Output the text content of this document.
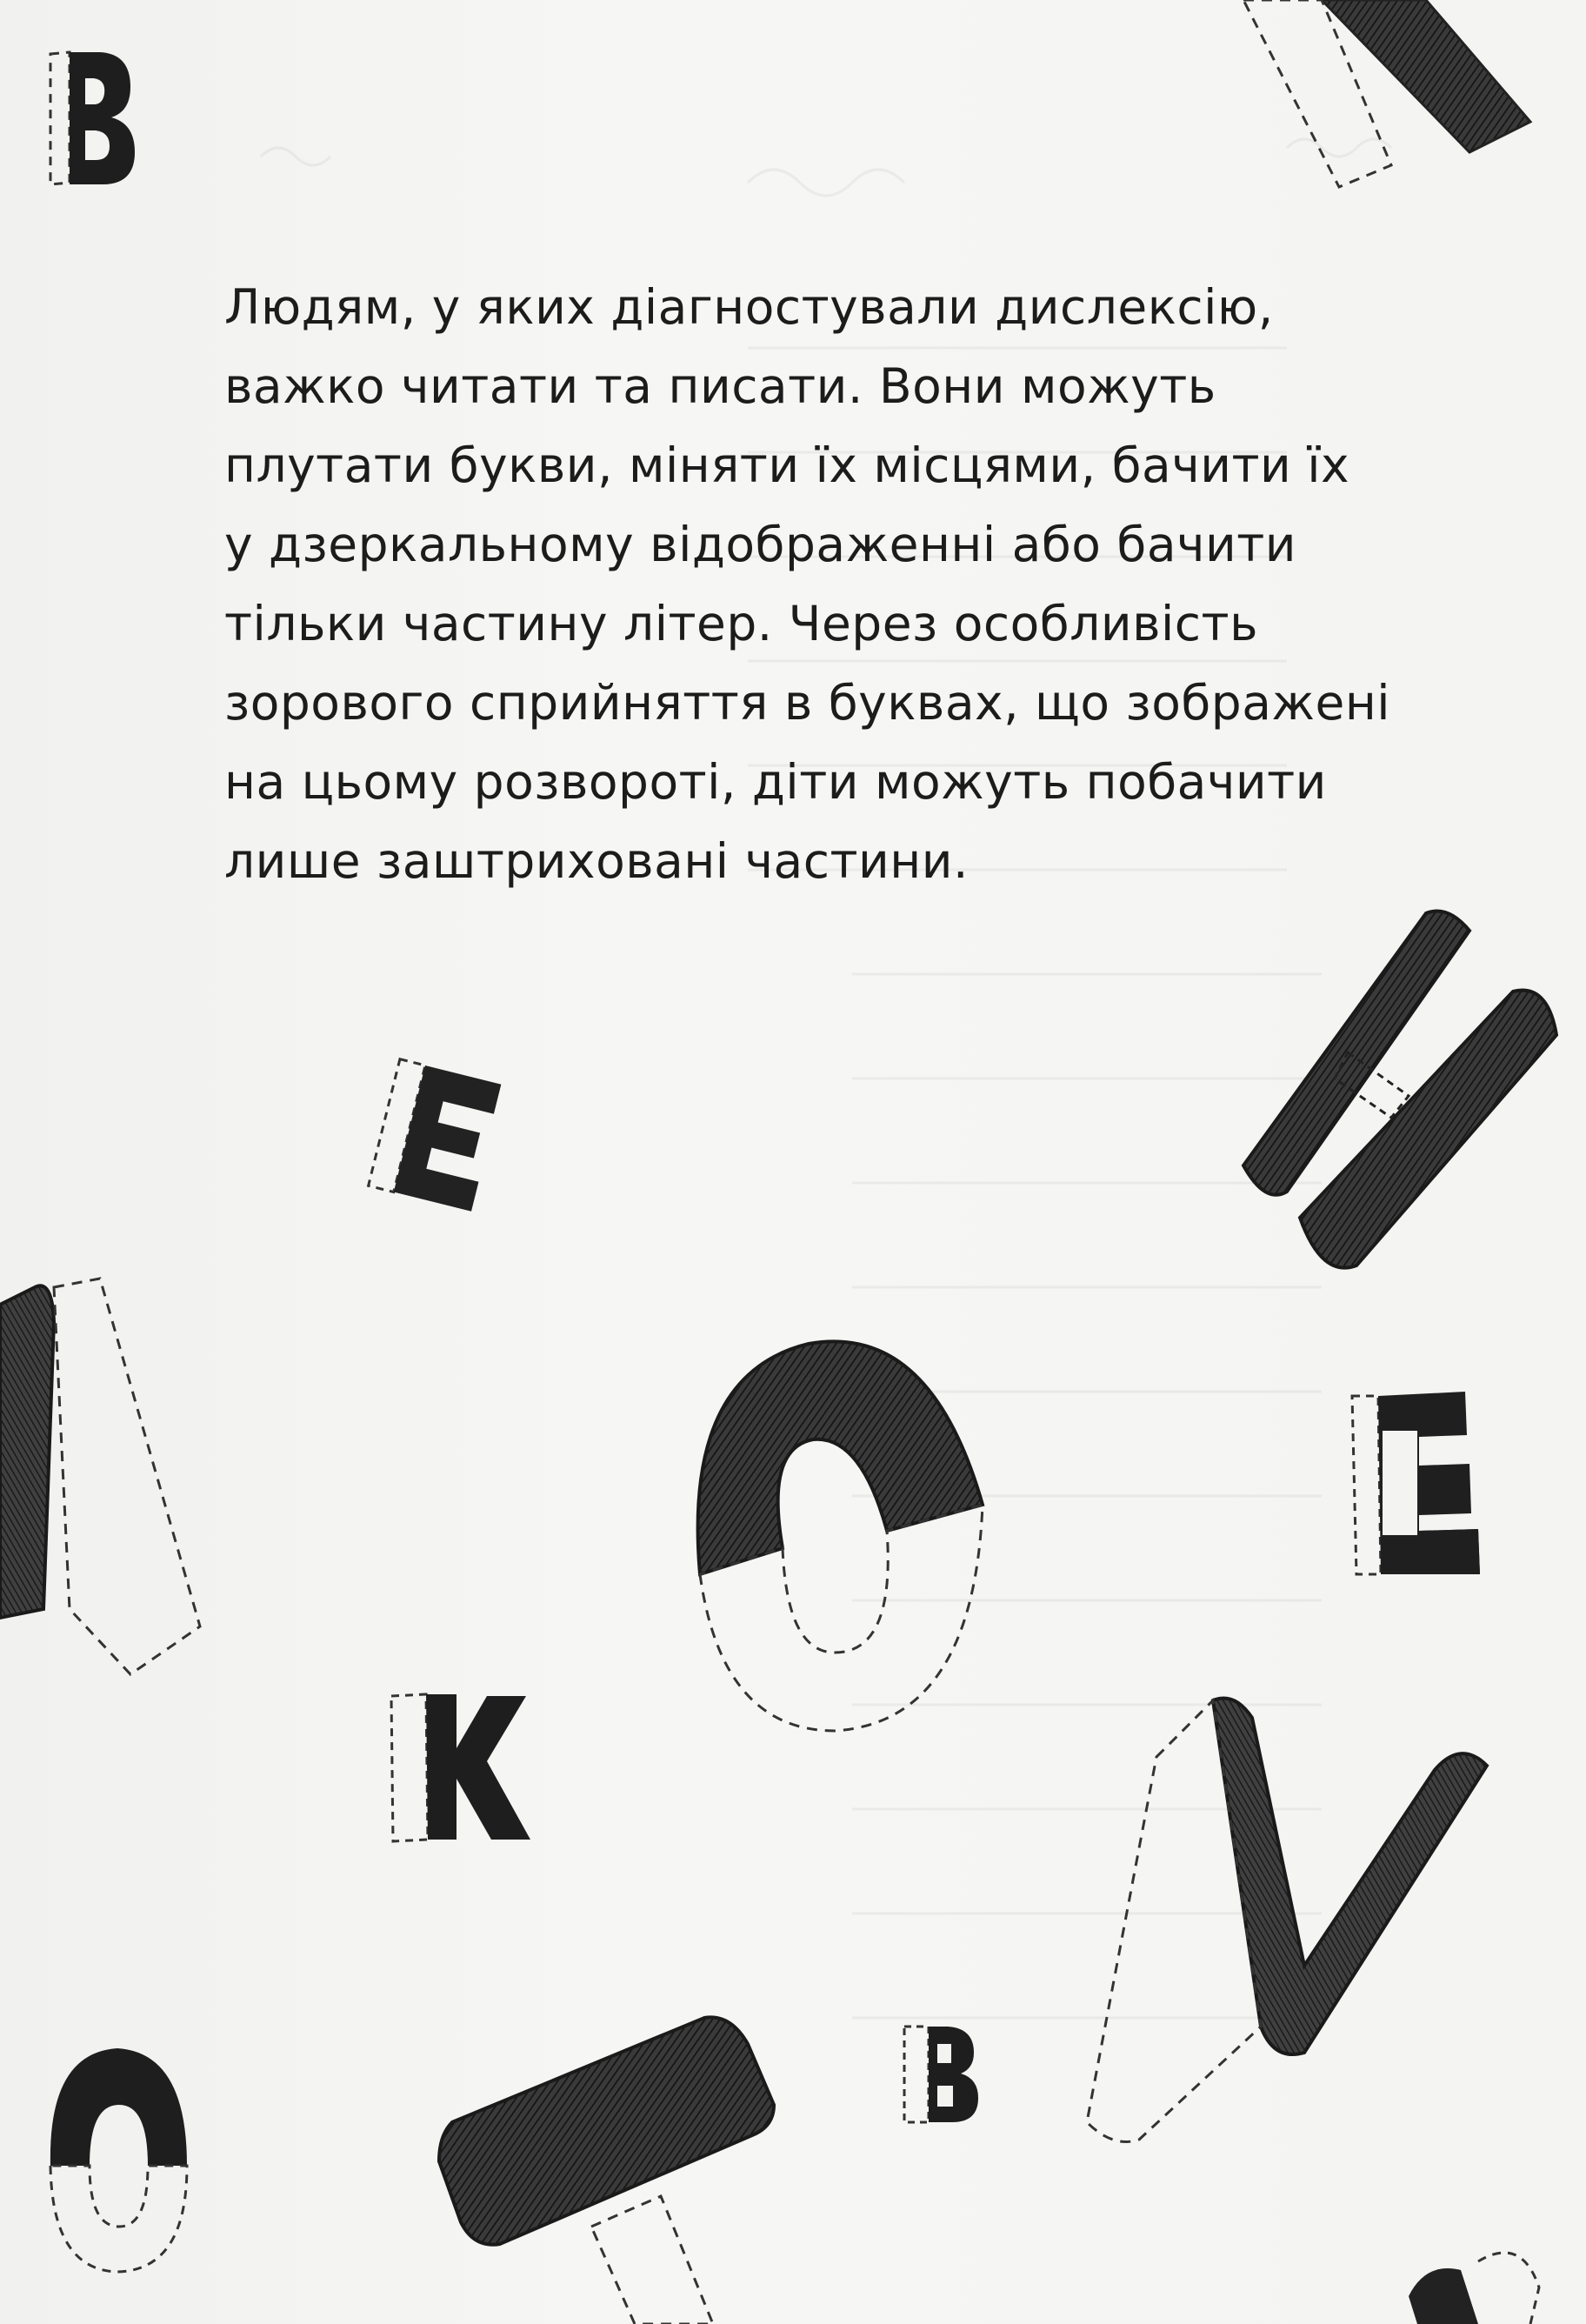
Людям, у яких діагностували дислексію,
важко читати та писати. Вони можуть
плутати букви, міняти їх місцями, бачити їх
у дзеркальному відображенні або бачити
тільки частину літер. Через особливість
зорового сприйняття в буквах, що зображені
на цьому розвороті, діти можуть побачити
лише заштриховані частини.
